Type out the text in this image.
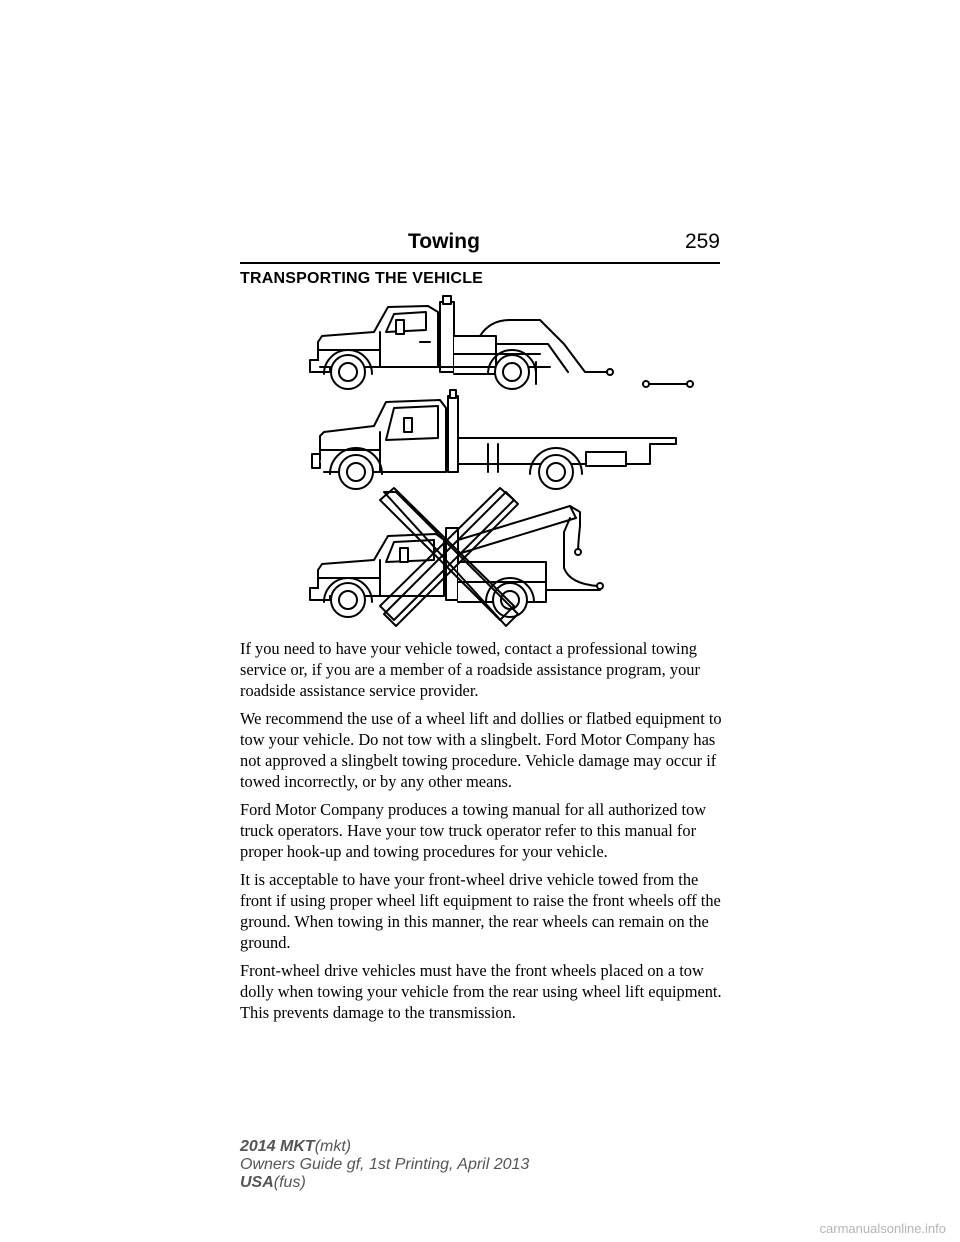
Towing	259
TRANSPORTING THE VEHICLE

If you need to have your vehicle towed, contact a professional towing service or, if you are a member of a roadside assistance program, your roadside assistance service provider.

We recommend the use of a wheel lift and dollies or flatbed equipment to tow your vehicle. Do not tow with a slingbelt. Ford Motor Company has not approved a slingbelt towing procedure. Vehicle damage may occur if towed incorrectly, or by any other means.

Ford Motor Company produces a towing manual for all authorized tow truck operators. Have your tow truck operator refer to this manual for proper hook-up and towing procedures for your vehicle.

It is acceptable to have your front-wheel drive vehicle towed from the front if using proper wheel lift equipment to raise the front wheels off the ground. When towing in this manner, the rear wheels can remain on the ground.

Front-wheel drive vehicles must have the front wheels placed on a tow dolly when towing your vehicle from the rear using wheel lift equipment. This prevents damage to the transmission.

2014 MKT(mkt)
Owners Guide gf, 1st Printing, April 2013
USA(fus)
carmanualsonline.info
